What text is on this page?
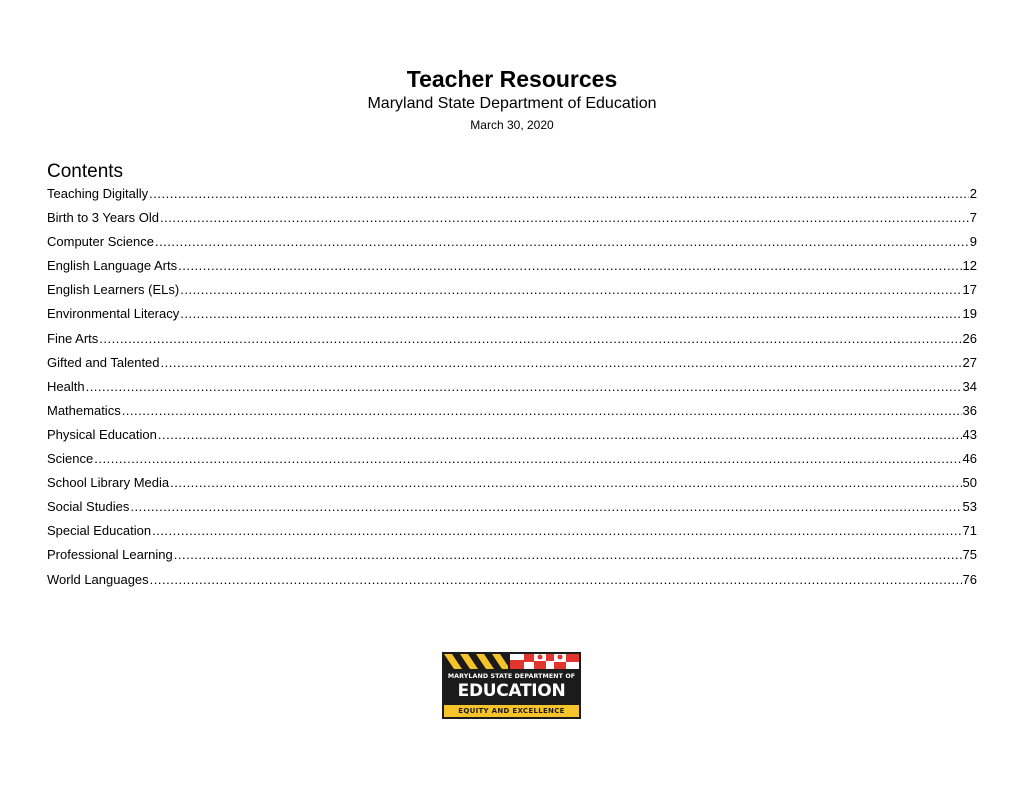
Teacher Resources
Maryland State Department of Education
March 30, 2020
Contents
Teaching Digitally .....	2
Birth to 3 Years Old .....	7
Computer Science .....	9
English Language Arts .....	12
English Learners (ELs) .....	17
Environmental Literacy .....	19
Fine Arts .....	26
Gifted and Talented .....	27
Health .....	34
Mathematics .....	36
Physical Education .....	43
Science .....	46
School Library Media .....	50
Social Studies .....	53
Special Education .....	71
Professional Learning .....	75
World Languages .....	76
MARYLAND STATE DEPARTMENT OF
EDUCATION
EQUITY AND EXCELLENCE
